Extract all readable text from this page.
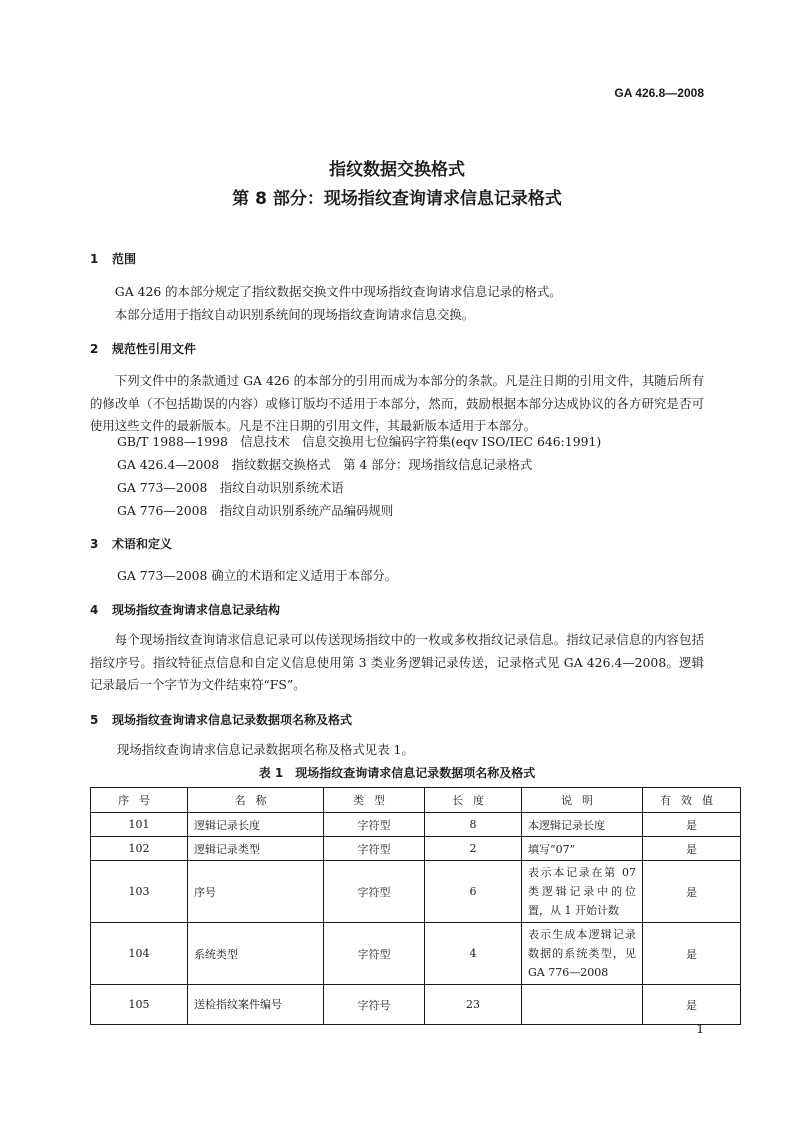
GA 426.8—2008
指纹数据交换格式
第 8 部分：现场指纹查询请求信息记录格式
1 范围

GA 426 的本部分规定了指纹数据交换文件中现场指纹查询请求信息记录的格式。

本部分适用于指纹自动识别系统间的现场指纹查询请求信息交换。

2 规范性引用文件

下列文件中的条款通过 GA 426 的本部分的引用而成为本部分的条款。凡是注日期的引用文件，其随后所有的修改单（不包括勘误的内容）或修订版均不适用于本部分，然而，鼓励根据本部分达成协议的各方研究是否可使用这些文件的最新版本。凡是不注日期的引用文件，其最新版本适用于本部分。

GB/T 1988—1998　信息技术　信息交换用七位编码字符集(eqv ISO/IEC 646:1991)
GA 426.4—2008　指纹数据交换格式　第 4 部分：现场指纹信息记录格式
GA 773—2008　指纹自动识别系统术语
GA 776—2008　指纹自动识别系统产品编码规则
3 术语和定义
GA 773—2008 确立的术语和定义适用于本部分。
4 现场指纹查询请求信息记录结构

每个现场指纹查询请求信息记录可以传送现场指纹中的一枚或多枚指纹记录信息。指纹记录信息的内容包括指纹序号。指纹特征点信息和自定义信息使用第 3 类业务逻辑记录传送，记录格式见 GA 426.4—2008。逻辑记录最后一个字节为文件结束符“FS”。

5 现场指纹查询请求信息记录数据项名称及格式
现场指纹查询请求信息记录数据项名称及格式见表 1。
表 1　现场指纹查询请求信息记录数据项名称及格式
序号	名称	类型	长度	说明	有效值
101	逻辑记录长度	字符型	8	本逻辑记录长度	是
102	逻辑记录类型	字符型	2	填写“07”	是
103	序号	字符型	6	表示本记录在第 07 类逻辑记录中的位置，从 1 开始计数	是
104	系统类型	字符型	4	表示生成本逻辑记录数据的系统类型，见 GA 776—2008	是
105	送检指纹案件编号	字符号	23		是
1
